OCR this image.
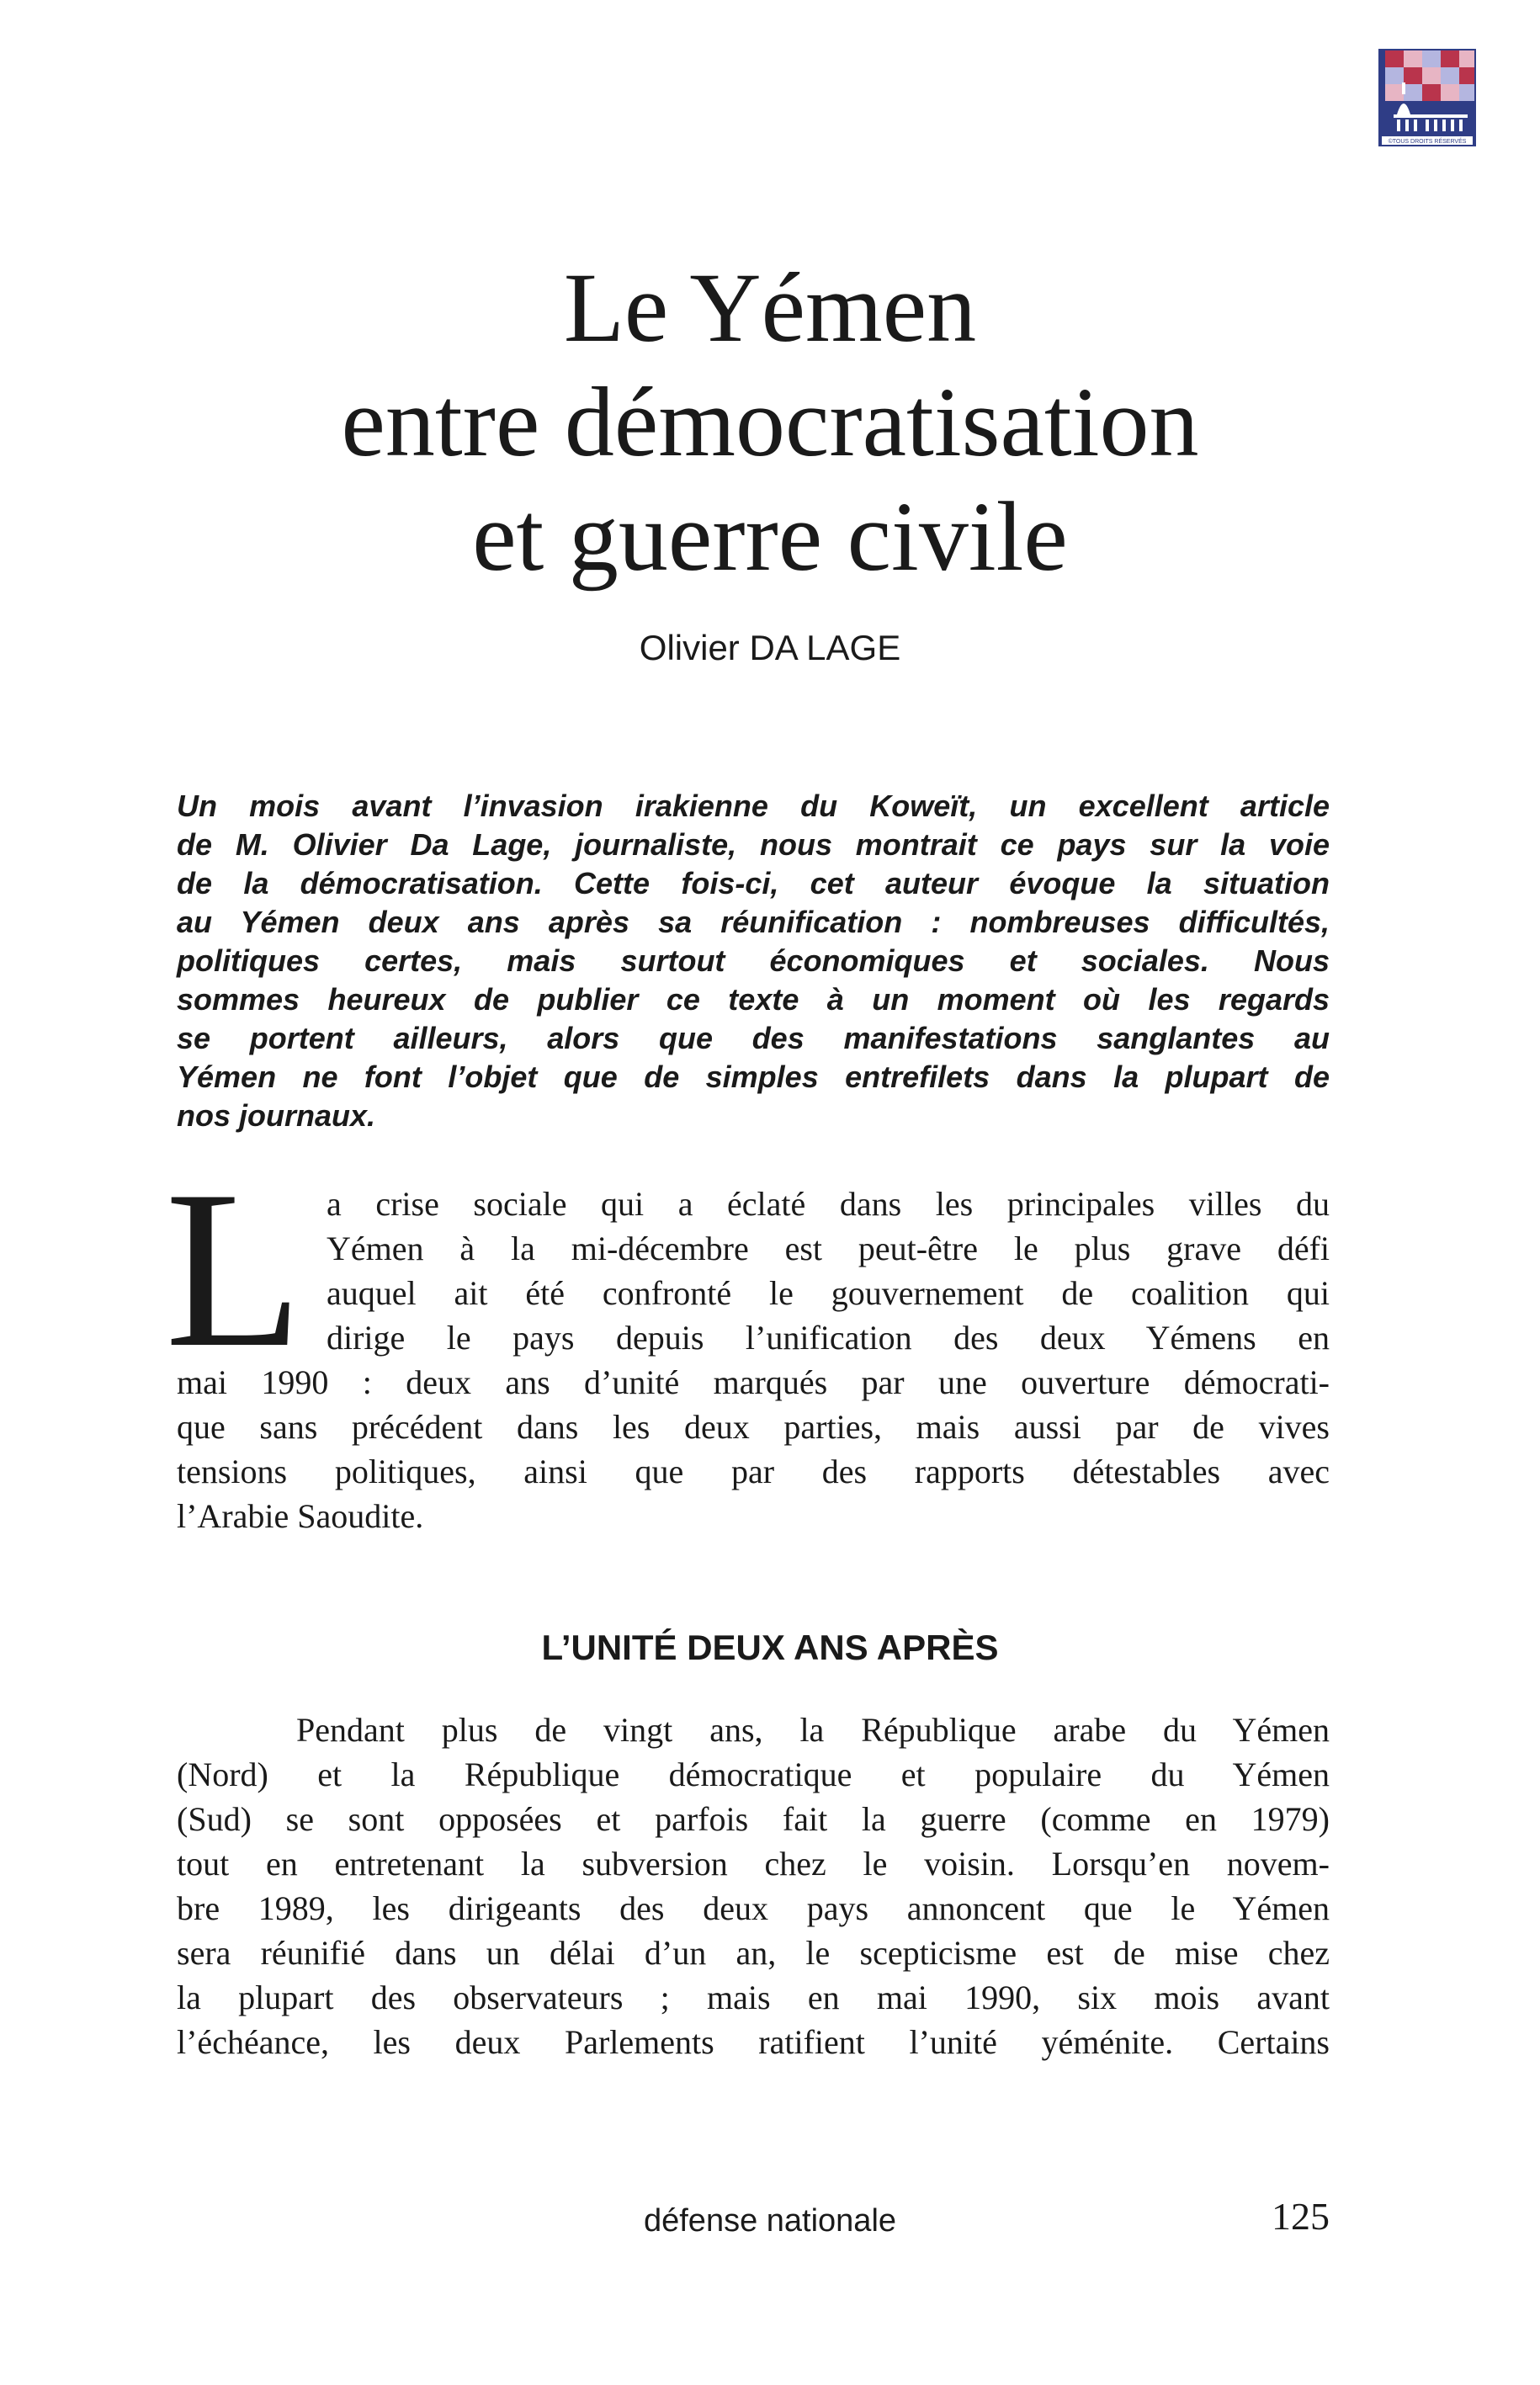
©TOUS DROITS RÉSERVÉS
Le Yémen
entre démocratisation
et guerre civile
Olivier DA LAGE
Un mois avant l’invasion irakienne du Koweït, un excellent article
de M. Olivier Da Lage, journaliste, nous montrait ce pays sur la voie
de la démocratisation. Cette fois-ci, cet auteur évoque la situation
au Yémen deux ans après sa réunification : nombreuses difficultés,
politiques certes, mais surtout économiques et sociales. Nous
sommes heureux de publier ce texte à un moment où les regards
se portent ailleurs, alors que des manifestations sanglantes au
Yémen ne font l’objet que de simples entrefilets dans la plupart de
nos journaux.
L a crise sociale qui a éclaté dans les principales villes du
Yémen à la mi-décembre est peut-être le plus grave défi
auquel ait été confronté le gouvernement de coalition qui
dirige le pays depuis l’unification des deux Yémens en
mai 1990 : deux ans d’unité marqués par une ouverture démocrati-
que sans précédent dans les deux parties, mais aussi par de vives
tensions politiques, ainsi que par des rapports détestables avec
l’Arabie Saoudite.
L’UNITÉ DEUX ANS APRÈS
Pendant plus de vingt ans, la République arabe du Yémen
(Nord) et la République démocratique et populaire du Yémen
(Sud) se sont opposées et parfois fait la guerre (comme en 1979)
tout en entretenant la subversion chez le voisin. Lorsqu’en novem-
bre 1989, les dirigeants des deux pays annoncent que le Yémen
sera réunifié dans un délai d’un an, le scepticisme est de mise chez
la plupart des observateurs ; mais en mai 1990, six mois avant
l’échéance, les deux Parlements ratifient l’unité yéménite. Certains
défense nationale	125
